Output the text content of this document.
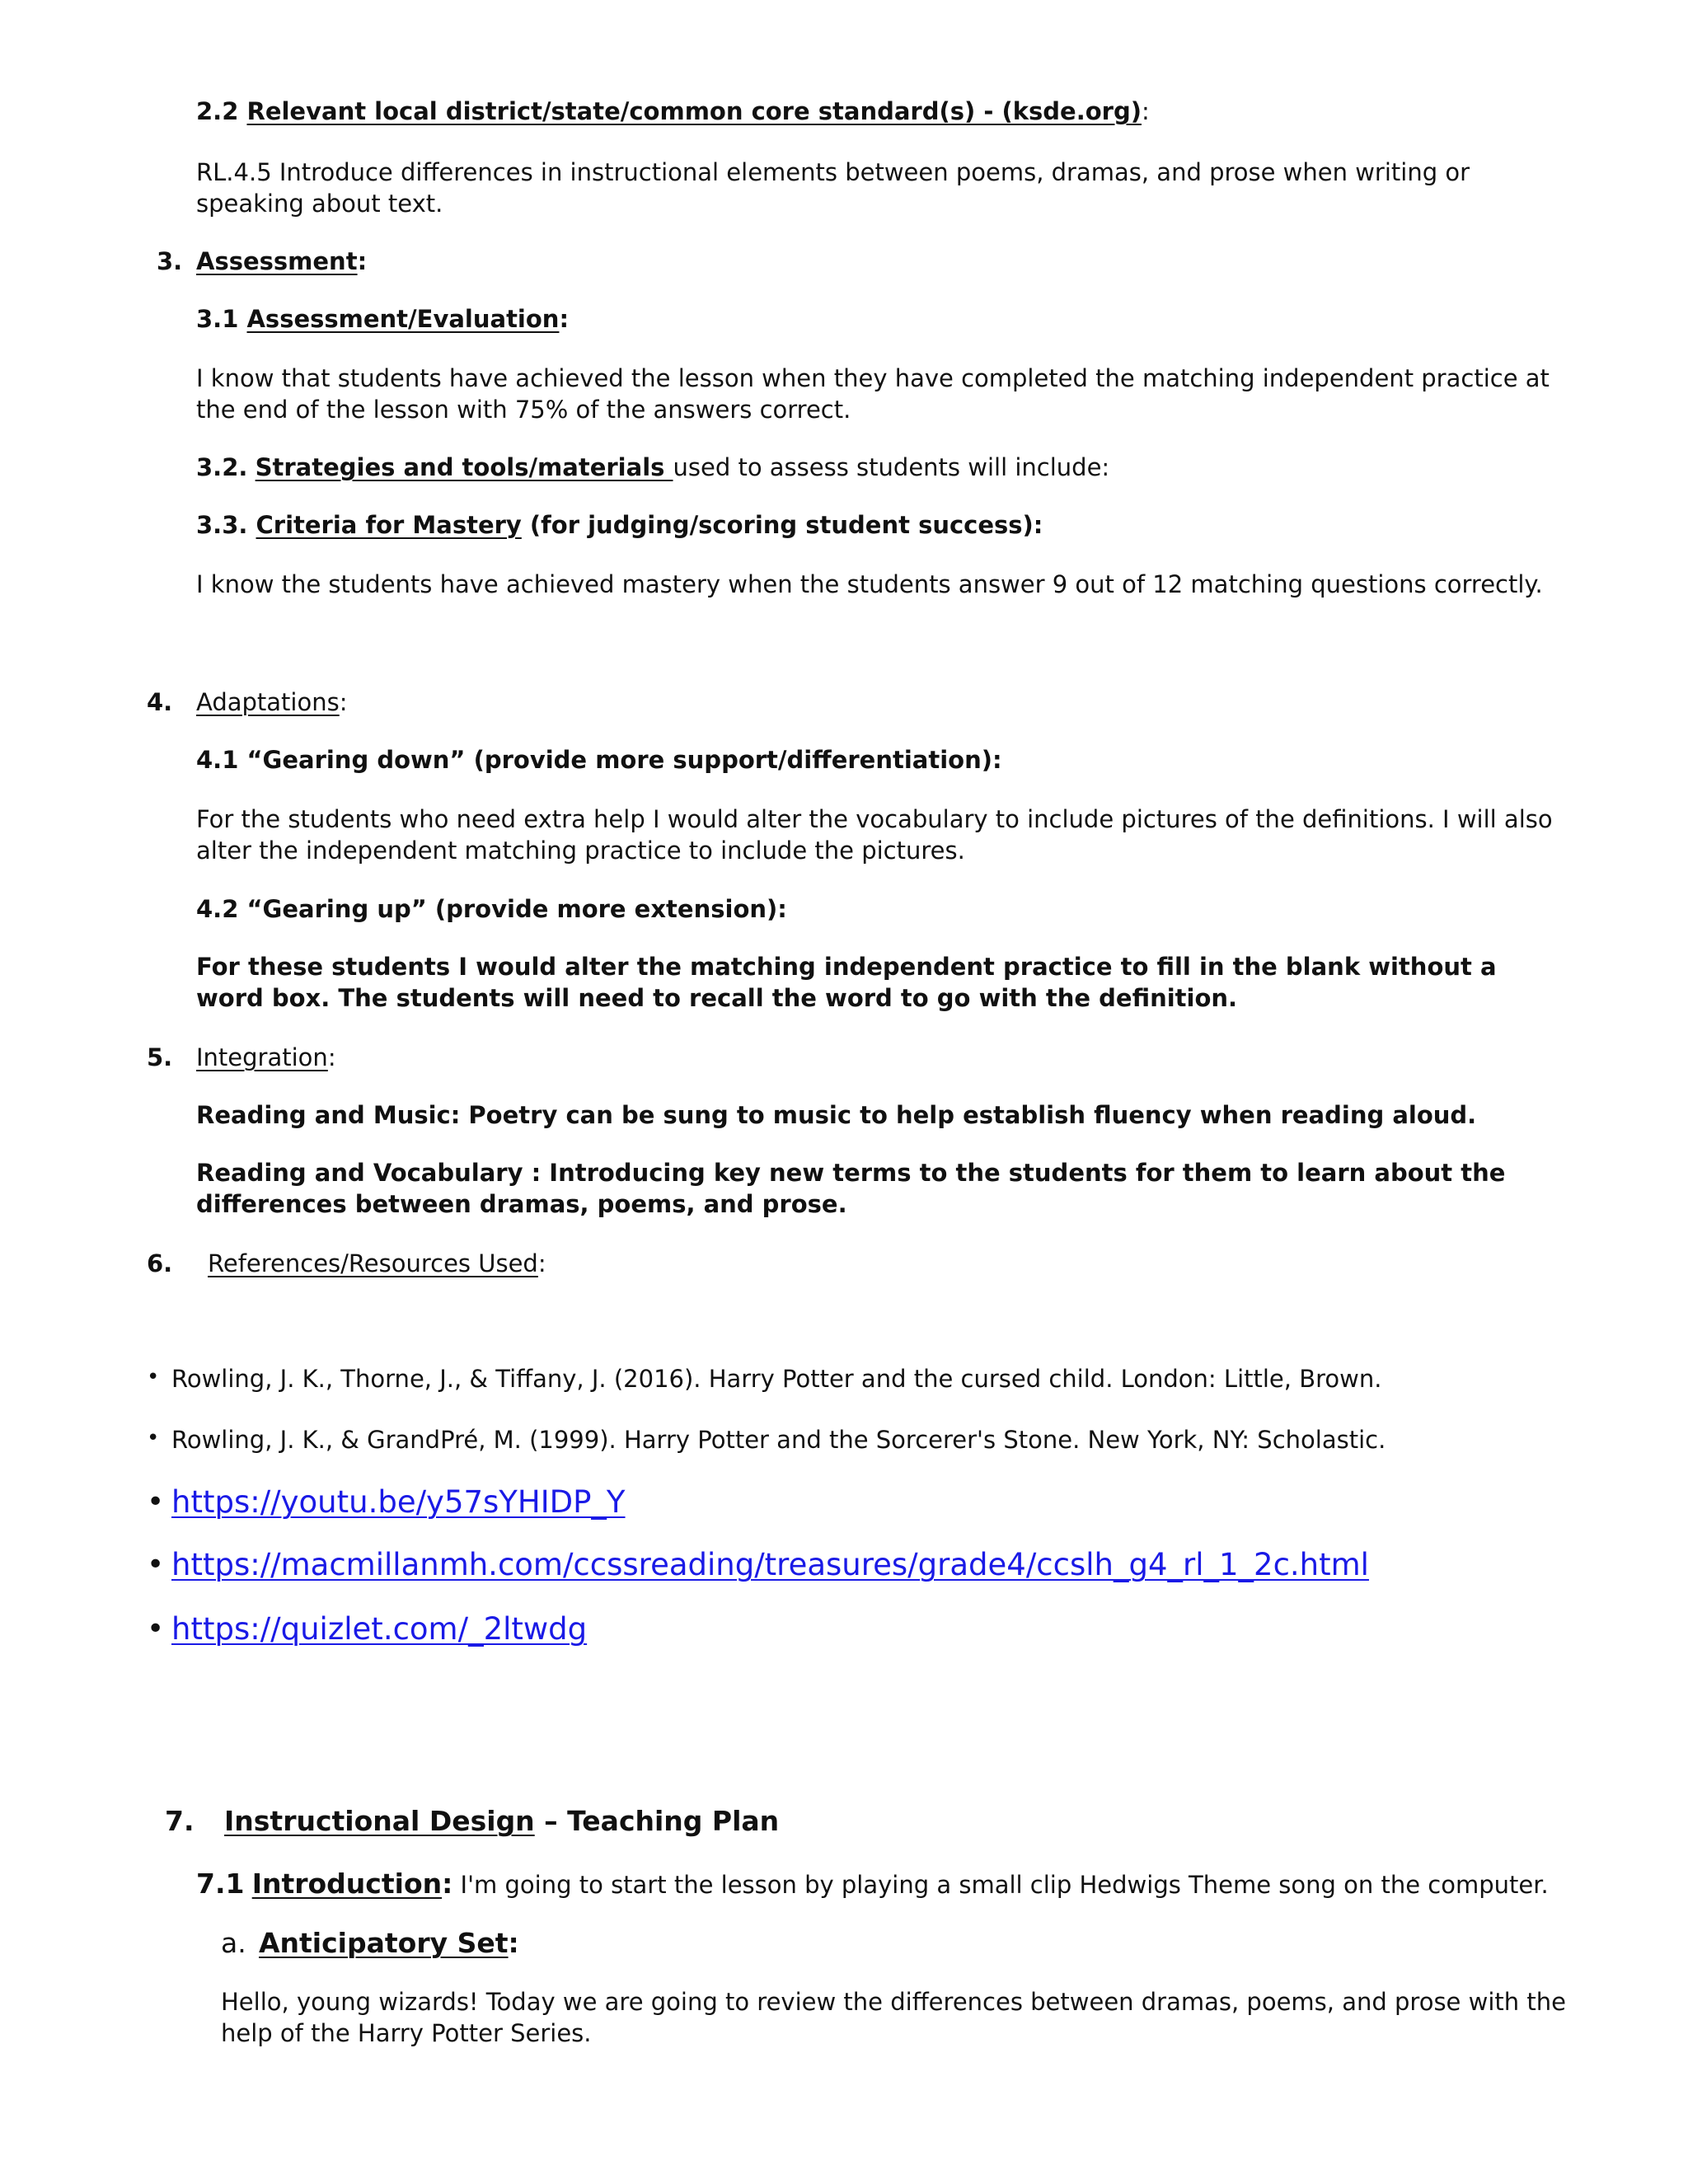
2.2 Relevant local district/state/common core standard(s) - (ksde.org):
RL.4.5 Introduce differences in instructional elements between poems, dramas, and prose when writing or speaking about text.
3. Assessment:
3.1 Assessment/Evaluation:
I know that students have achieved the lesson when they have completed the matching independent practice at the end of the lesson with 75% of the answers correct.
3.2. Strategies and tools/materials used to assess students will include:
3.3. Criteria for Mastery (for judging/scoring student success):
I know the students have achieved mastery when the students answer 9 out of 12 matching questions correctly.
4. Adaptations:
4.1 “Gearing down” (provide more support/differentiation):
For the students who need extra help I would alter the vocabulary to include pictures of the definitions. I will also alter the independent matching practice to include the pictures.
4.2 “Gearing up” (provide more extension):
For these students I would alter the matching independent practice to fill in the blank without a word box. The students will need to recall the word to go with the definition.
5. Integration:
Reading and Music: Poetry can be sung to music to help establish fluency when reading aloud.
Reading and Vocabulary : Introducing key new terms to the students for them to learn about the differences between dramas, poems, and prose.
6. References/Resources Used:
• Rowling, J. K., Thorne, J., & Tiffany, J. (2016). Harry Potter and the cursed child. London: Little, Brown.
• Rowling, J. K., & GrandPré, M. (1999). Harry Potter and the Sorcerer's Stone. New York, NY: Scholastic.
• https://youtu.be/y57sYHIDP_Y
• https://macmillanmh.com/ccssreading/treasures/grade4/ccslh_g4_rl_1_2c.html
• https://quizlet.com/_2ltwdg
7. Instructional Design – Teaching Plan
7.1 Introduction: I'm going to start the lesson by playing a small clip Hedwigs Theme song on the computer.
a. Anticipatory Set:
Hello, young wizards! Today we are going to review the differences between dramas, poems, and prose with the help of the Harry Potter Series.
